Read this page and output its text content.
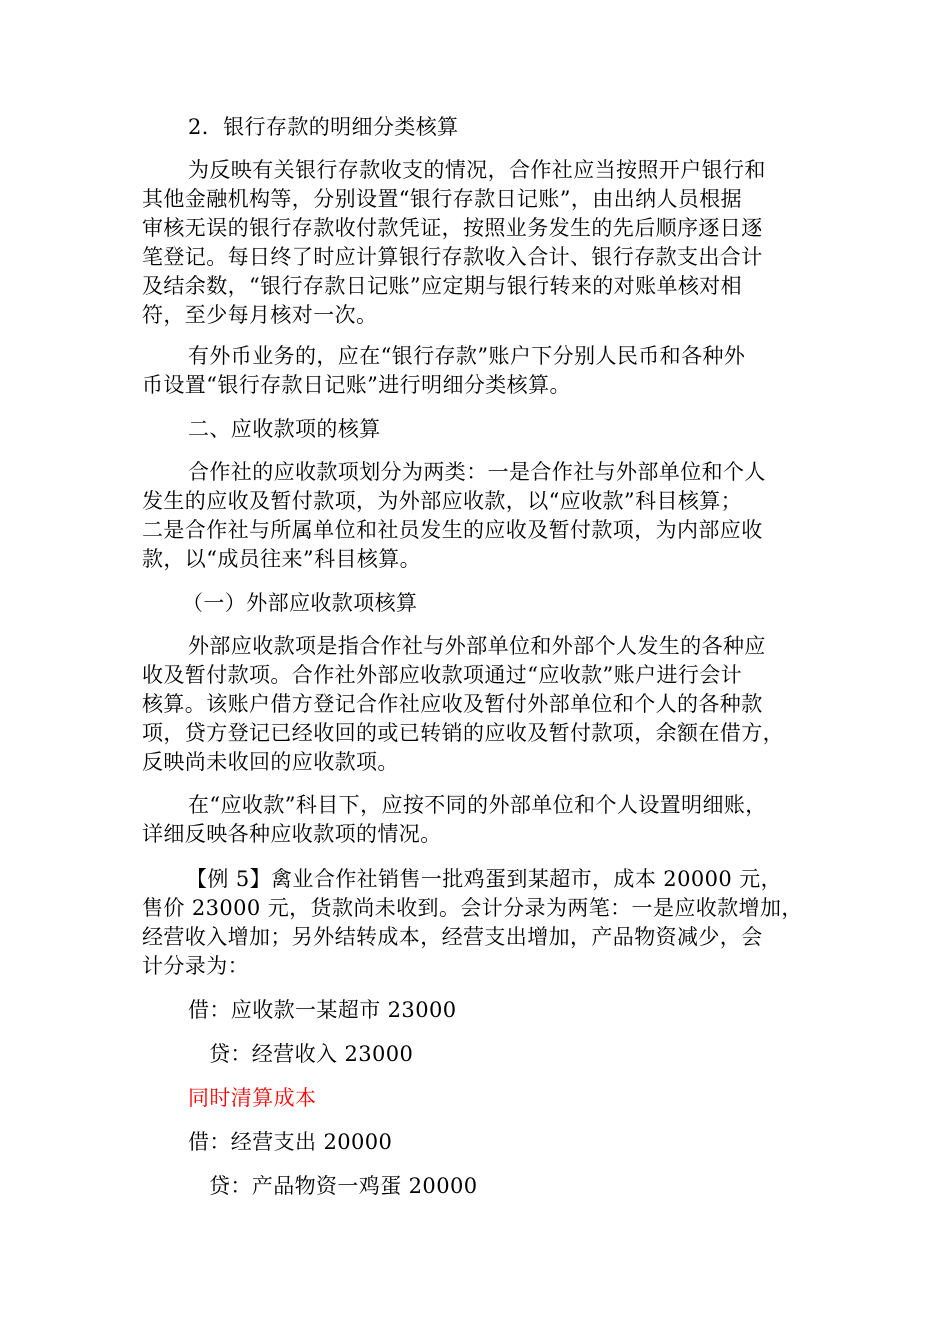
2．银行存款的明细分类核算
为反映有关银行存款收支的情况，合作社应当按照开户银行和
其他金融机构等，分别设置“银行存款日记账”，由出纳人员根据
审核无误的银行存款收付款凭证，按照业务发生的先后顺序逐日逐
笔登记。每日终了时应计算银行存款收入合计、银行存款支出合计
及结余数，“银行存款日记账”应定期与银行转来的对账单核对相
符，至少每月核对一次。
有外币业务的，应在“银行存款”账户下分别人民币和各种外
币设置“银行存款日记账”进行明细分类核算。
二、应收款项的核算
合作社的应收款项划分为两类：一是合作社与外部单位和个人
发生的应收及暂付款项，为外部应收款，以“应收款”科目核算；
二是合作社与所属单位和社员发生的应收及暂付款项，为内部应收
款，以“成员往来”科目核算。
（一）外部应收款项核算
外部应收款项是指合作社与外部单位和外部个人发生的各种应
收及暂付款项。合作社外部应收款项通过“应收款”账户进行会计
核算。该账户借方登记合作社应收及暂付外部单位和个人的各种款
项，贷方登记已经收回的或已转销的应收及暂付款项，余额在借方，
反映尚未收回的应收款项。
在“应收款”科目下，应按不同的外部单位和个人设置明细账，
详细反映各种应收款项的情况。
【例 5】禽业合作社销售一批鸡蛋到某超市，成本 20000 元，
售价 23000 元，货款尚未收到。会计分录为两笔：一是应收款增加，
经营收入增加；另外结转成本，经营支出增加，产品物资减少，会
计分录为：
借：应收款一某超市 23000
贷：经营收入 23000
同时清算成本
借：经营支出 20000
贷：产品物资一鸡蛋 20000
